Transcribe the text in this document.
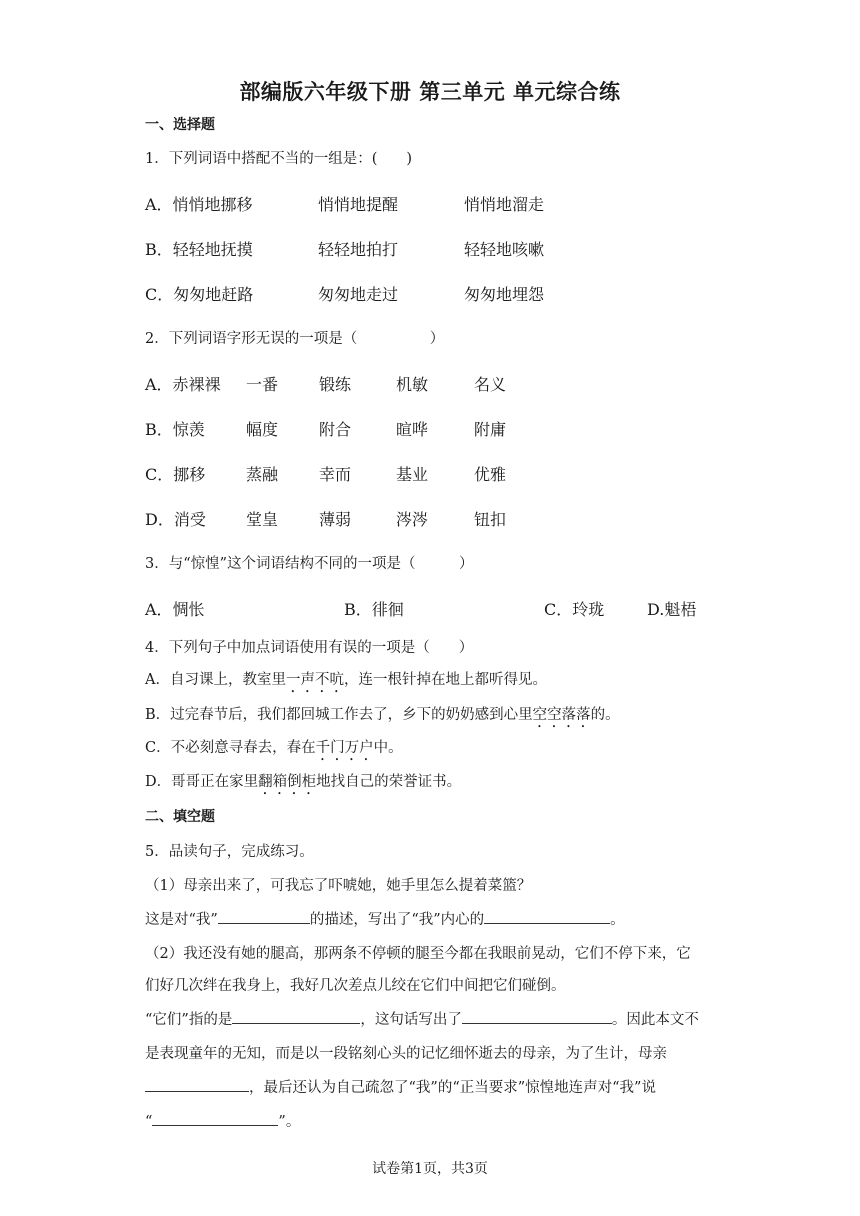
部编版六年级下册 第三单元 单元综合练
一、选择题
1．下列词语中搭配不当的一组是：(　　)
A．悄悄地挪移	悄悄地提醒	悄悄地溜走
B．轻轻地抚摸	轻轻地拍打	轻轻地咳嗽
C．匆匆地赶路	匆匆地走过	匆匆地埋怨
2．下列词语字形无误的一项是（　　　　　）
A．赤裸裸 一番	锻练	机敏	名义
B．惊羡	幅度	附合	暄哗	附庸
C．挪移	蒸融	幸而	基业	优雅
D．消受	堂皇	薄弱	涔涔	钮扣
3．与“惊惶”这个词语结构不同的一项是（　　　）
A．惆怅	B．徘徊	C．玲珑	D.魁梧
4．下列句子中加点词语使用有误的一项是（　　）
A．自习课上，教室里一声不吭，连一根针掉在地上都听得见。
B．过完春节后，我们都回城工作去了，乡下的奶奶感到心里空空落落的。
C．不必刻意寻春去，春在千门万户中。
D．哥哥正在家里翻箱倒柜地找自己的荣誉证书。
二、填空题
5．品读句子，完成练习。
（1）母亲出来了，可我忘了吓唬她，她手里怎么提着菜篮？
这是对“我”	的描述，写出了“我”内心的	。
（2）我还没有她的腿高，那两条不停顿的腿至今都在我眼前晃动，它们不停下来，它
们好几次绊在我身上，我好几次差点儿绞在它们中间把它们碰倒。
“它们”指的是	，这句话写出了	。因此本文不
是表现童年的无知，而是以一段铭刻心头的记忆细怀逝去的母亲，为了生计，母亲
，最后还认为自己疏忽了“我”的“正当要求”惊惶地连声对“我”说
“	”。
试卷第1页，共3页
